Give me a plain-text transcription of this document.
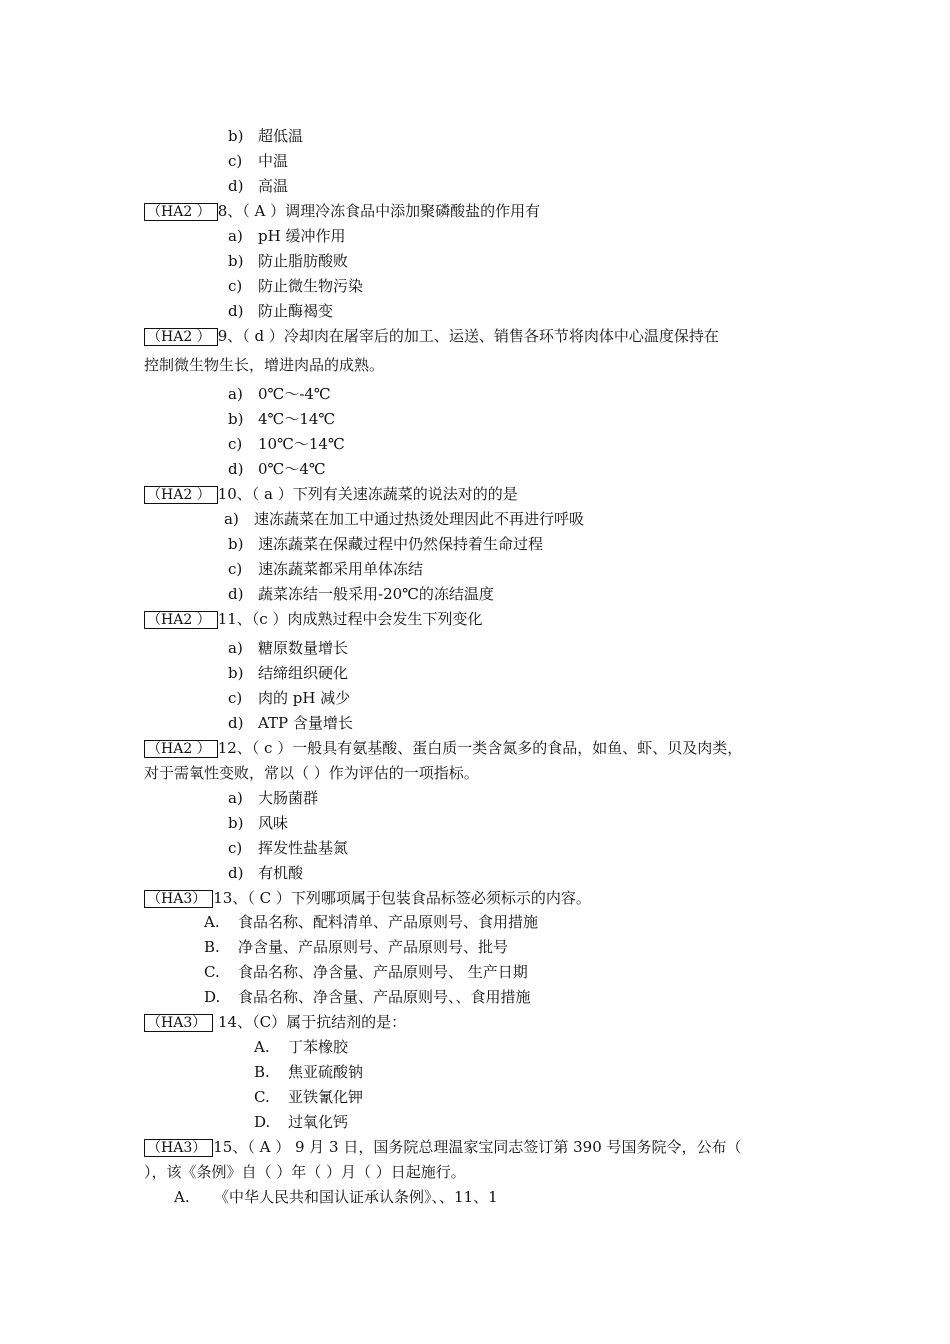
b) 超低温
c) 中温
d) 高温
（HA2 ） 8、（ A ）调理冷冻食品中添加聚磷酸盐的作用有
a) pH 缓冲作用
b) 防止脂肪酸败
c) 防止微生物污染
d) 防止酶褐变
（HA2 ） 9、（ d ）冷却肉在屠宰后的加工、运送、销售各环节将肉体中心温度保持在
控制微生物生长，增进肉品的成熟。
a) 0℃～-4℃
b) 4℃～14℃
c) 10℃～14℃
d) 0℃～4℃
（HA2 ） 10、（ a ）下列有关速冻蔬菜的说法对的的是
a) 速冻蔬菜在加工中通过热烫处理因此不再进行呼吸
b) 速冻蔬菜在保藏过程中仍然保持着生命过程
c) 速冻蔬菜都采用单体冻结
d) 蔬菜冻结一般采用-20℃的冻结温度
（HA2 ） 11、（c ）肉成熟过程中会发生下列变化
a) 糖原数量增长
b) 结缔组织硬化
c) 肉的 pH 减少
d) ATP 含量增长
（HA2 ） 12、（ c ）一般具有氨基酸、蛋白质一类含氮多的食品，如鱼、虾、贝及肉类，
对于需氧性变败，常以（ ）作为评估的一项指标。
a) 大肠菌群
b) 风味
c) 挥发性盐基氮
d) 有机酸
（HA3） 13、（ C ）下列哪项属于包装食品标签必须标示的内容。
A. 食品名称、配料清单、产品原则号、食用措施
B. 净含量、产品原则号、产品原则号、批号
C. 食品名称、净含量、产品原则号、 生产日期
D. 食品名称、净含量、产品原则号、、食用措施
（HA3） 14、（C）属于抗结剂的是：
A. 丁苯橡胶
B. 焦亚硫酸钠
C. 亚铁氰化钾
D. 过氧化钙
（HA3） 15、（ A ） 9 月 3 日，国务院总理温家宝同志签订第 390 号国务院令，公布（
），该《条例》自（ ）年（ ）月（ ）日起施行。
A. 《中华人民共和国认证承认条例》、、11、1
